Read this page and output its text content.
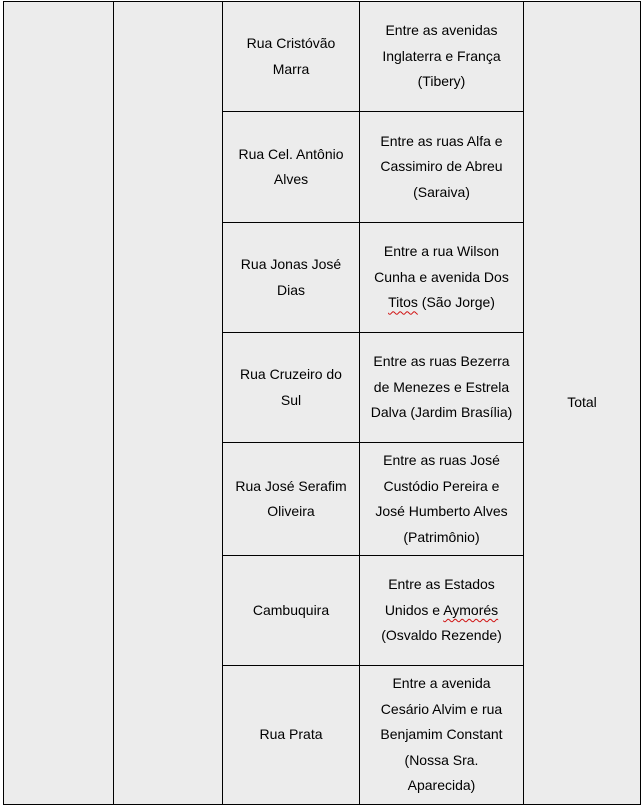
		Rua Cristóvão
Marra	Entre as avenidas
Inglaterra e França
(Tibery)	Total

		Rua Cel. Antônio
Alves	Entre as ruas Alfa e
Cassimiro de Abreu
(Saraiva)	

		Rua Jonas José
Dias	Entre a rua Wilson
Cunha e avenida Dos
Titos (São Jorge)	

		Rua Cruzeiro do
Sul	Entre as ruas Bezerra
de Menezes e Estrela
Dalva (Jardim Brasília)	

		Rua José Serafim
Oliveira	Entre as ruas José
Custódio Pereira e
José Humberto Alves
(Patrimônio)	

		Cambuquira	Entre as Estados
Unidos e Aymorés
(Osvaldo Rezende)	

		Rua Prata	Entre a avenida
Cesário Alvim e rua
Benjamim Constant
(Nossa Sra.
Aparecida)	
